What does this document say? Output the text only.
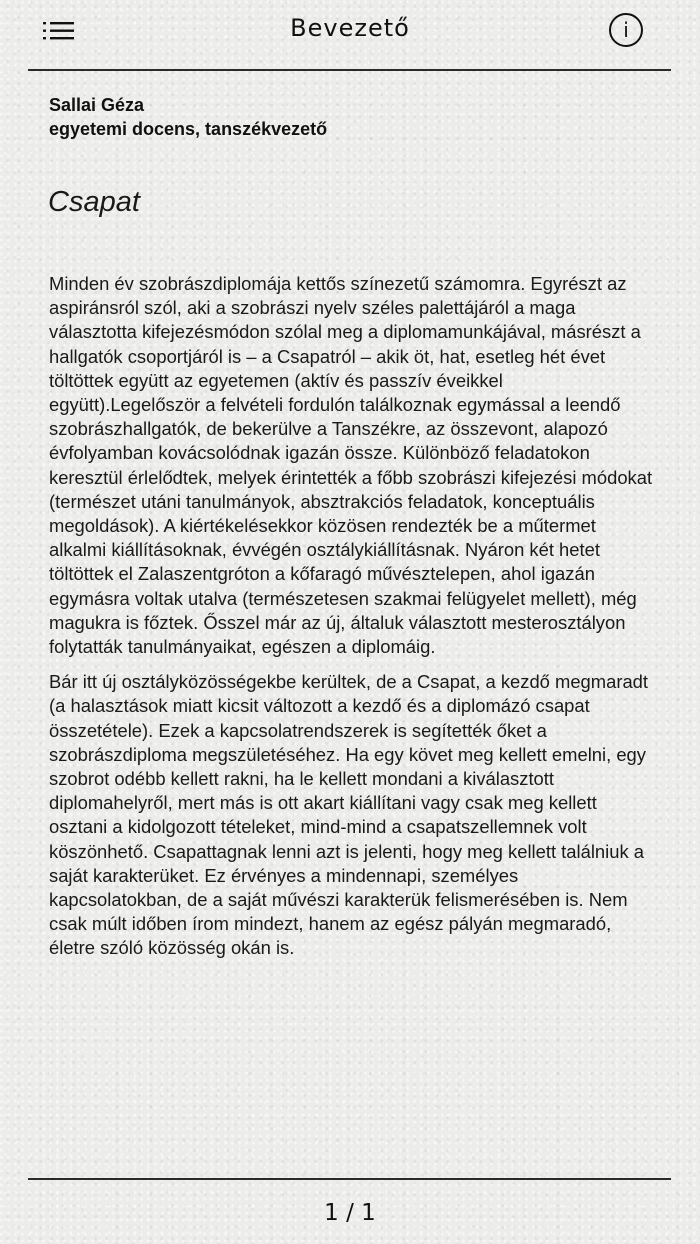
Bevezető	i
Sallai Géza
egyetemi docens, tanszékvezető
Csapat

Minden év szobrászdiplomája kettős színezetű számomra. Egyrészt az aspiránsról szól, aki a szobrászi nyelv széles palettájáról a maga választotta kifejezésmódon szólal meg a diplomamunkájával, másrészt a hallgatók csoportjáról is – a Csapatról – akik öt, hat, esetleg hét évet töltöttek együtt az egyetemen (aktív és passzív éveikkel együtt).Legelőször a felvételi fordulón találkoznak egymással a leendő szobrászhallgatók, de bekerülve a Tanszékre, az összevont, alapozó évfolyamban kovácsolódnak igazán össze. Különböző feladatokon keresztül érlelődtek, melyek érintették a főbb szobrászi kifejezési módokat (természet utáni tanulmányok, absztrakciós feladatok, konceptuális megoldások). A kiértékelésekkor közösen rendezték be a műtermet alkalmi kiállításoknak, évvégén osztálykiállításnak. Nyáron két hetet töltöttek el Zalaszentgróton a kőfaragó művésztelepen, ahol igazán egymásra voltak utalva (természetesen szakmai felügyelet mellett), még magukra is főztek. Ősszel már az új, általuk választott mesterosztályon folytatták tanulmányaikat, egészen a diplomáig.

Bár itt új osztályközösségekbe kerültek, de a Csapat, a kezdő megmaradt (a halasztások miatt kicsit változott a kezdő és a diplomázó csapat összetétele). Ezek a kapcsolatrendszerek is segítették őket a szobrászdiploma megszületéséhez. Ha egy követ meg kellett emelni, egy szobrot odébb kellett rakni, ha le kellett mondani a kiválasztott diplomahelyről, mert más is ott akart kiállítani vagy csak meg kellett osztani a kidolgozott tételeket, mind-mind a csapatszellemnek volt köszönhető. Csapattagnak lenni azt is jelenti, hogy meg kellett találniuk a saját karakterüket. Ez érvényes a mindennapi, személyes kapcsolatokban, de a saját művészi karakterük felismerésében is. Nem csak múlt időben írom mindezt, hanem az egész pályán megmaradó, életre szóló közösség okán is.

1 / 1
